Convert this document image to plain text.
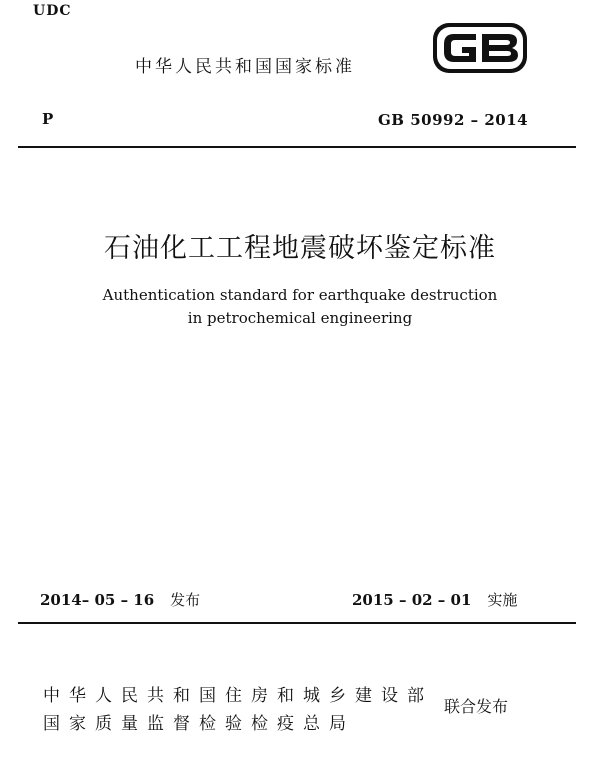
UDC
中华人民共和国国家标准
P	GB 50992 – 2014
石油化工工程地震破坏鉴定标准
Authentication standard for earthquake destruction
in petrochemical engineering
2014– 05 – 16 发布	2015 – 02 – 01 实施
中华人民共和国住房和城乡建设部
国家质量监督检验检疫总局
联合发布
